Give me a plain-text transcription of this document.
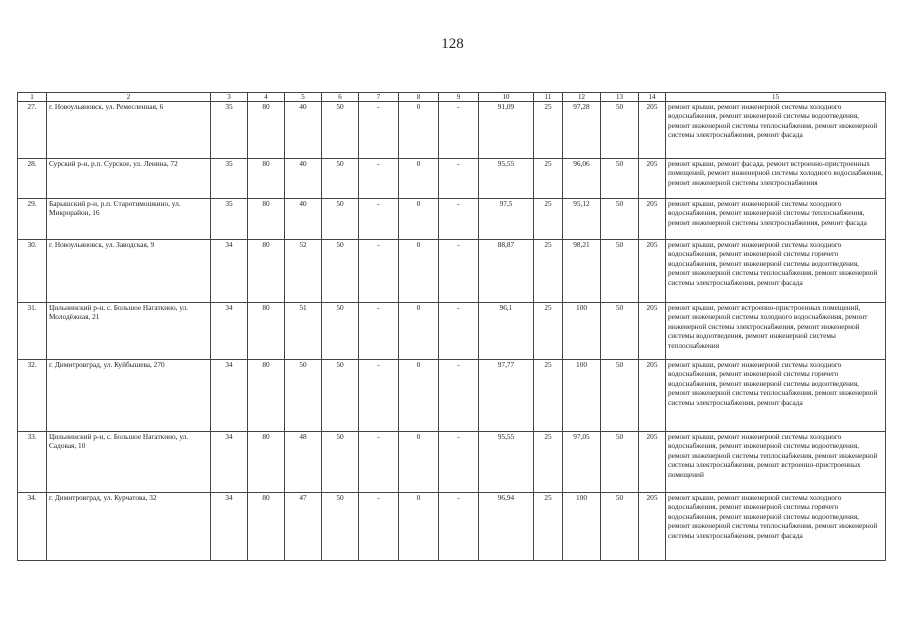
128
1	2	3	4	5	6	7	8	9	10	11	12	13	14	15
27.	г. Новоульяновск, ул. Ремесленная, 6	35	80	40	50	-	0	-	91,09	25	97,28	50	205	ремонт крыши, ремонт инженерной системы холодного водоснабжения, ремонт инженерной системы водоотведения, ремонт инженерной системы теплоснабжения, ремонт инженерной системы электроснабжения, ремонт фасада
28.	Сурский р-н, р.п. Сурское, ул. Ленина, 72	35	80	40	50	-	0	-	95,55	25	96,06	50	205	ремонт крыши, ремонт фасада, ремонт встроенно-пристроенных помещений, ремонт инженерной системы холодного водоснабжения, ремонт инженерной системы электроснабжения
29.	Барышский р-н, р.п. Старотимошкино, ул. Микрорайон, 16	35	80	40	50	-	0	-	97,5	25	95,12	50	205	ремонт крыши, ремонт инженерной системы холодного водоснабжения, ремонт инженерной системы теплоснабжения, ремонт инженерной системы электроснабжения, ремонт фасада
30.	г. Новоульяновск, ул. Заводская, 9	34	80	52	50	-	0	-	88,87	25	98,21	50	205	ремонт крыши, ремонт инженерной системы холодного водоснабжения, ремонт инженерной системы горячего водоснабжения, ремонт инженерной системы водоотведения, ремонт инженерной системы теплоснабжения, ремонт инженерной системы электроснабжения, ремонт фасада
31.	Цильнинский р-н, с. Большое Нагаткино, ул. Молодёжная, 21	34	80	51	50	-	0	-	96,1	25	100	50	205	ремонт крыши, ремонт встроенно-пристроенных помещений, ремонт инженерной системы холодного водоснабжения, ремонт инженерной системы электроснабжения, ремонт инженерной системы водоотведения, ремонт инженерной системы теплоснабжения
32.	г. Димитровград, ул. Куйбышева, 270	34	80	50	50	-	0	-	97,77	25	100	50	205	ремонт крыши, ремонт инженерной системы холодного водоснабжения, ремонт инженерной системы горячего водоснабжения, ремонт инженерной системы водоотведения, ремонт инженерной системы теплоснабжения, ремонт инженерной системы электроснабжения, ремонт фасада
33.	Цильнинский р-н, с. Большое Нагаткино, ул. Садовая, 10	34	80	48	50	-	0	-	95,55	25	97,05	50	205	ремонт крыши, ремонт инженерной системы холодного водоснабжения, ремонт инженерной системы водоотведения, ремонт инженерной системы теплоснабжения, ремонт инженерной системы электроснабжения, ремонт встроенно-пристроенных помещений
34.	г. Димитровград, ул. Курчатова, 32	34	80	47	50	-	0	-	96,94	25	100	50	205	ремонт крыши, ремонт инженерной системы холодного водоснабжения, ремонт инженерной системы горячего водоснабжения, ремонт инженерной системы водоотведения, ремонт инженерной системы теплоснабжения, ремонт инженерной системы электроснабжения, ремонт фасада
